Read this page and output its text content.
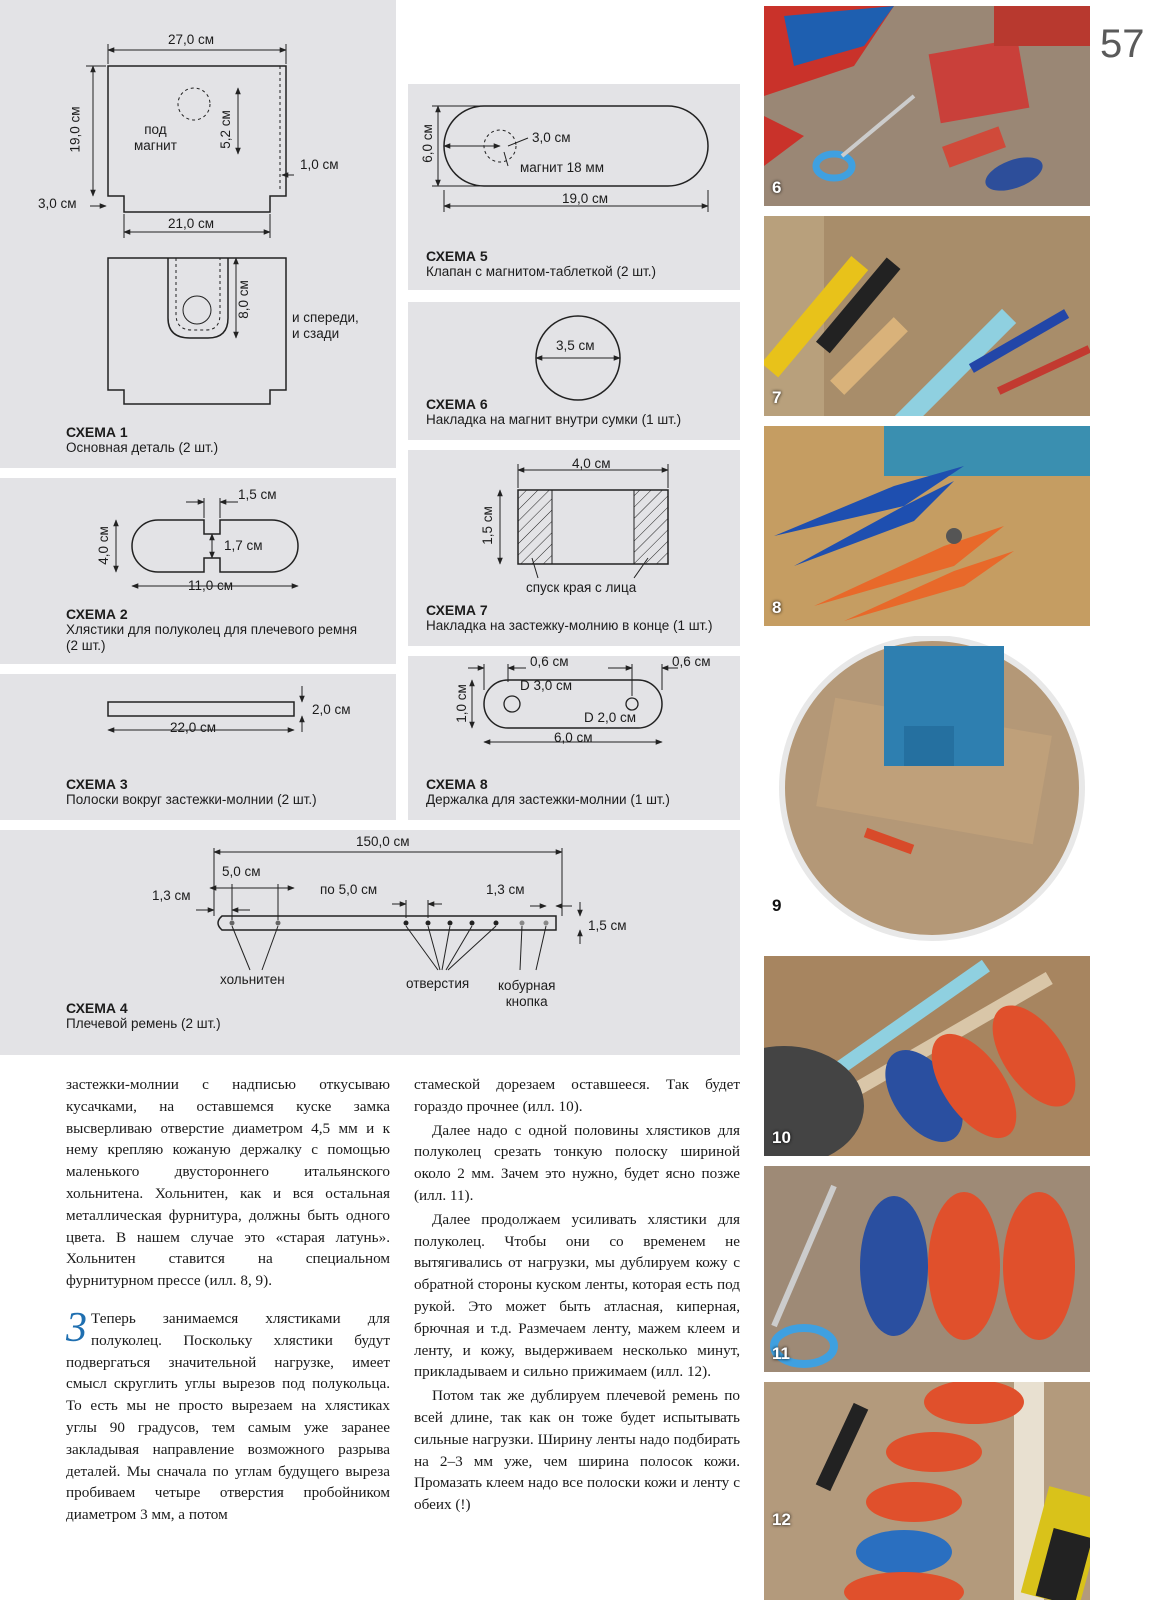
57
27,0 см
19,0 см	под
магнит	5,2 см
1,0 см
3,0 см
21,0 см
8,0 см	и спереди,
и сзади
СХЕМА 1
Основная деталь (2 шт.)
1,5 см
4,0 см	1,7 см
11,0 см
СХЕМА 2
Хлястики для полуколец для плечевого ремня (2 шт.)
22,0 см
2,0 см
СХЕМА 3
Полоски вокруг застежки-молнии (2 шт.)
150,0 см
5,0 см
1,3 см	по 5,0 см	1,3 см
1,5 см
хольнитен	отверстия кобурная
кнопка
СХЕМА 4
Плечевой ремень (2 шт.)
6,0 см	3,0 см
магнит 18 мм
19,0 см
СХЕМА 5
Клапан с магнитом-таблеткой (2 шт.)
3,5 см
СХЕМА 6
Накладка на магнит внутри сумки (1 шт.)
4,0 см
1,5 см
спуск края с лица
СХЕМА 7
Накладка на застежку-молнию в конце (1 шт.)
0,6 см	0,6 см
1,0 см	D 3,0 см
D 2,0 см
6,0 см
СХЕМА 8
Держалка для застежки-молнии (1 шт.)
6
7
8
9
10
11
12

застежки-молнии с надписью откусываю кусачками, на оставшемся куске замка высверливаю отверстие диаметром 4,5 мм и к нему крепляю кожаную держалку с помощью маленького двустороннего итальянского хольнитена. Хольнитен, как и вся остальная металлическая фурнитура, должны быть одного цвета. В нашем случае это «старая латунь». Хольнитен ставится на специальном фурнитурном прессе (илл. 8, 9).

3 Теперь занимаемся хлястиками для полуколец. Поскольку хлястики будут подвергаться значительной нагрузке, имеет смысл скруглить углы вырезов под полукольца. То есть мы не просто вырезаем на хлястиках углы 90 градусов, тем самым уже заранее закладывая направление возможного разрыва деталей. Мы сначала по углам будущего выреза пробиваем четыре отверстия пробойником диаметром 3 мм, а потом

стамеской дорезаем оставшееся. Так будет гораздо прочнее (илл. 10).

Далее надо с одной половины хлястиков для полуколец срезать тонкую полоску шириной около 2 мм. Зачем это нужно, будет ясно позже (илл. 11).

Далее продолжаем усиливать хлястики для полуколец. Чтобы они со временем не вытягивались от нагрузки, мы дублируем кожу с обратной стороны куском ленты, которая есть под рукой. Это может быть атласная, киперная, брючная и т.д. Размечаем ленту, мажем клеем и ленту, и кожу, выдерживаем несколько минут, прикладываем и сильно прижимаем (илл. 12).

Потом так же дублируем плечевой ремень по всей длине, так как он тоже будет испытывать сильные нагрузки. Ширину ленты надо подбирать на 2–3 мм уже, чем ширина полосок кожи. Промазать клеем надо все полоски кожи и ленту с обеих (!)
